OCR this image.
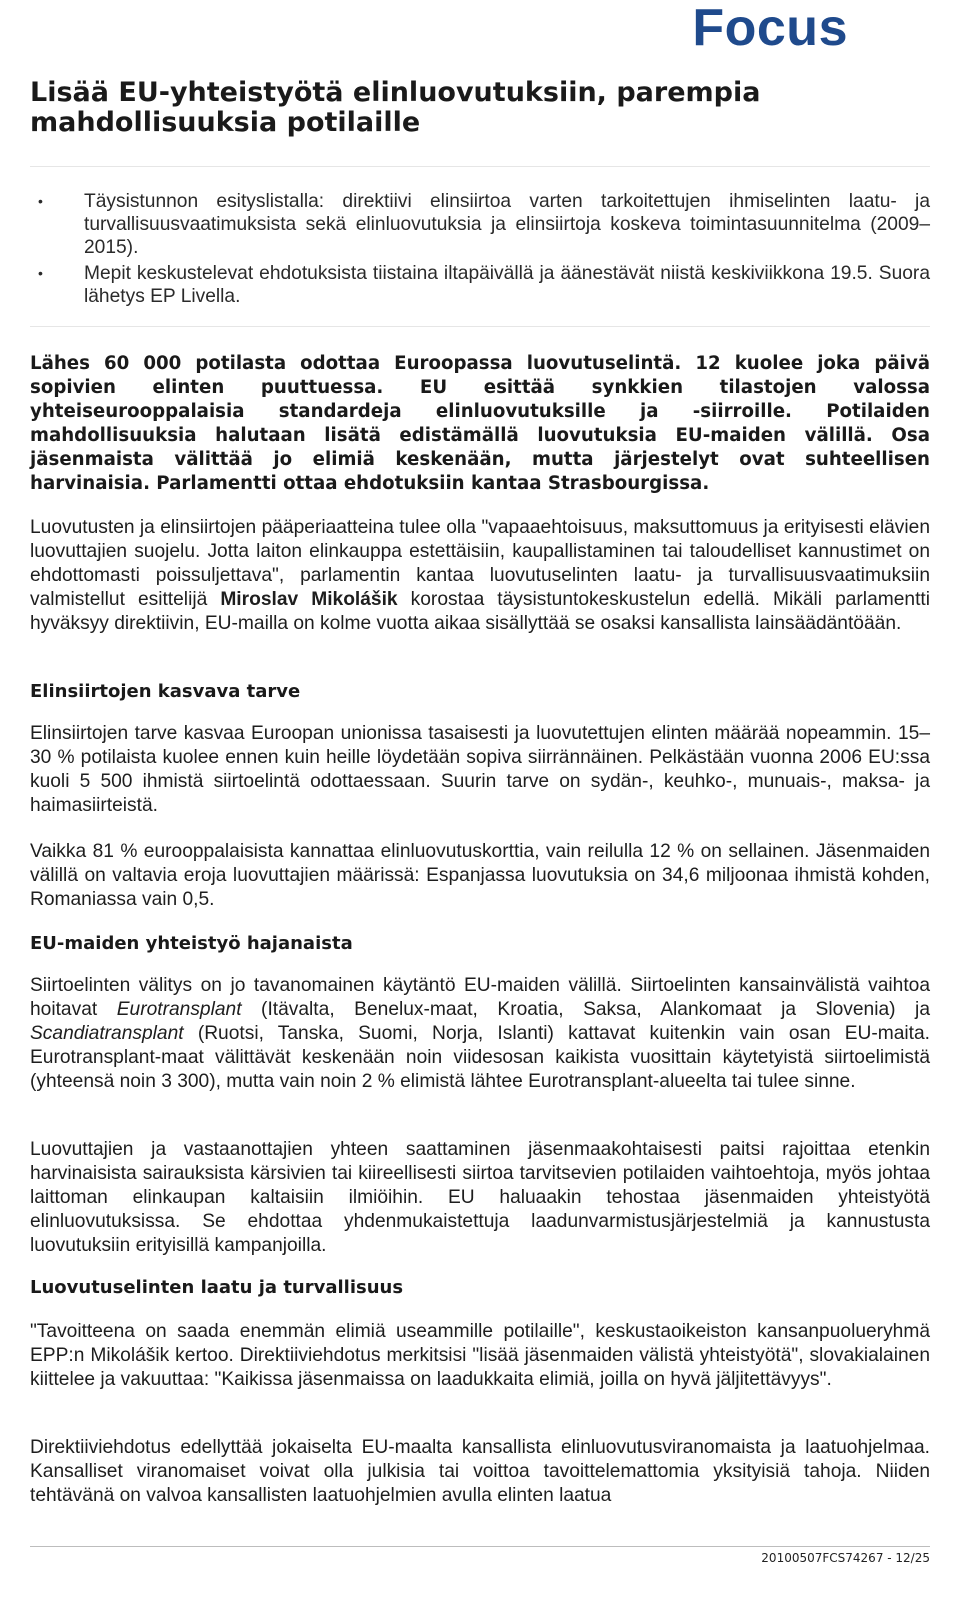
Focus
Lisää EU-yhteistyötä elinluovutuksiin, parempia mahdollisuuksia potilaille
• Täysistunnon esityslistalla: direktiivi elinsiirtoa varten tarkoitettujen ihmiselinten laatu- ja turvallisuusvaatimuksista sekä elinluovutuksia ja elinsiirtoja koskeva toimintasuunnitelma (2009–2015).
• Mepit keskustelevat ehdotuksista tiistaina iltapäivällä ja äänestävät niistä keskiviikkona 19.5. Suora lähetys EP Livella.

Lähes 60 000 potilasta odottaa Euroopassa luovutuselintä. 12 kuolee joka päivä sopivien elinten puuttuessa. EU esittää synkkien tilastojen valossa yhteiseurooppalaisia standardeja elinluovutuksille ja -siirroille. Potilaiden mahdollisuuksia halutaan lisätä edistämällä luovutuksia EU-maiden välillä. Osa jäsenmaista välittää jo elimiä keskenään, mutta järjestelyt ovat suhteellisen harvinaisia. Parlamentti ottaa ehdotuksiin kantaa Strasbourgissa.

Luovutusten ja elinsiirtojen pääperiaatteina tulee olla "vapaaehtoisuus, maksuttomuus ja erityisesti elävien luovuttajien suojelu. Jotta laiton elinkauppa estettäisiin, kaupallistaminen tai taloudelliset kannustimet on ehdottomasti poissuljettava", parlamentin kantaa luovutuselinten laatu- ja turvallisuusvaatimuksiin valmistellut esittelijä Miroslav Mikolášik korostaa täysistuntokeskustelun edellä. Mikäli parlamentti hyväksyy direktiivin, EU-mailla on kolme vuotta aikaa sisällyttää se osaksi kansallista lainsäädäntöään.

Elinsiirtojen kasvava tarve

Elinsiirtojen tarve kasvaa Euroopan unionissa tasaisesti ja luovutettujen elinten määrää nopeammin. 15–30 % potilaista kuolee ennen kuin heille löydetään sopiva siirrännäinen. Pelkästään vuonna 2006 EU:ssa kuoli 5 500 ihmistä siirtoelintä odottaessaan. Suurin tarve on sydän-, keuhko-, munuais-, maksa- ja haimasiirteistä.

Vaikka 81 % eurooppalaisista kannattaa elinluovutuskorttia, vain reilulla 12 % on sellainen. Jäsenmaiden välillä on valtavia eroja luovuttajien määrissä: Espanjassa luovutuksia on 34,6 miljoonaa ihmistä kohden, Romaniassa vain 0,5.

EU-maiden yhteistyö hajanaista

Siirtoelinten välitys on jo tavanomainen käytäntö EU-maiden välillä. Siirtoelinten kansainvälistä vaihtoa hoitavat Eurotransplant (Itävalta, Benelux-maat, Kroatia, Saksa, Alankomaat ja Slovenia) ja Scandiatransplant (Ruotsi, Tanska, Suomi, Norja, Islanti) kattavat kuitenkin vain osan EU-maita. Eurotransplant-maat välittävät keskenään noin viidesosan kaikista vuosittain käytetyistä siirtoelimistä (yhteensä noin 3 300), mutta vain noin 2 % elimistä lähtee Eurotransplant-alueelta tai tulee sinne.

Luovuttajien ja vastaanottajien yhteen saattaminen jäsenmaakohtaisesti paitsi rajoittaa etenkin harvinaisista sairauksista kärsivien tai kiireellisesti siirtoa tarvitsevien potilaiden vaihtoehtoja, myös johtaa laittoman elinkaupan kaltaisiin ilmiöihin. EU haluaakin tehostaa jäsenmaiden yhteistyötä elinluovutuksissa. Se ehdottaa yhdenmukaistettuja laadunvarmistusjärjestelmiä ja kannustusta luovutuksiin erityisillä kampanjoilla.

Luovutuselinten laatu ja turvallisuus

"Tavoitteena on saada enemmän elimiä useammille potilaille", keskustaoikeiston kansanpuolueryhmä EPP:n Mikolášik kertoo. Direktiiviehdotus merkitsisi "lisää jäsenmaiden välistä yhteistyötä", slovakialainen kiittelee ja vakuuttaa: "Kaikissa jäsenmaissa on laadukkaita elimiä, joilla on hyvä jäljitettävyys".

Direktiiviehdotus edellyttää jokaiselta EU-maalta kansallista elinluovutusviranomaista ja laatuohjelmaa. Kansalliset viranomaiset voivat olla julkisia tai voittoa tavoittelemattomia yksityisiä tahoja. Niiden tehtävänä on valvoa kansallisten laatuohjelmien avulla elinten laatua

20100507FCS74267 - 12/25
